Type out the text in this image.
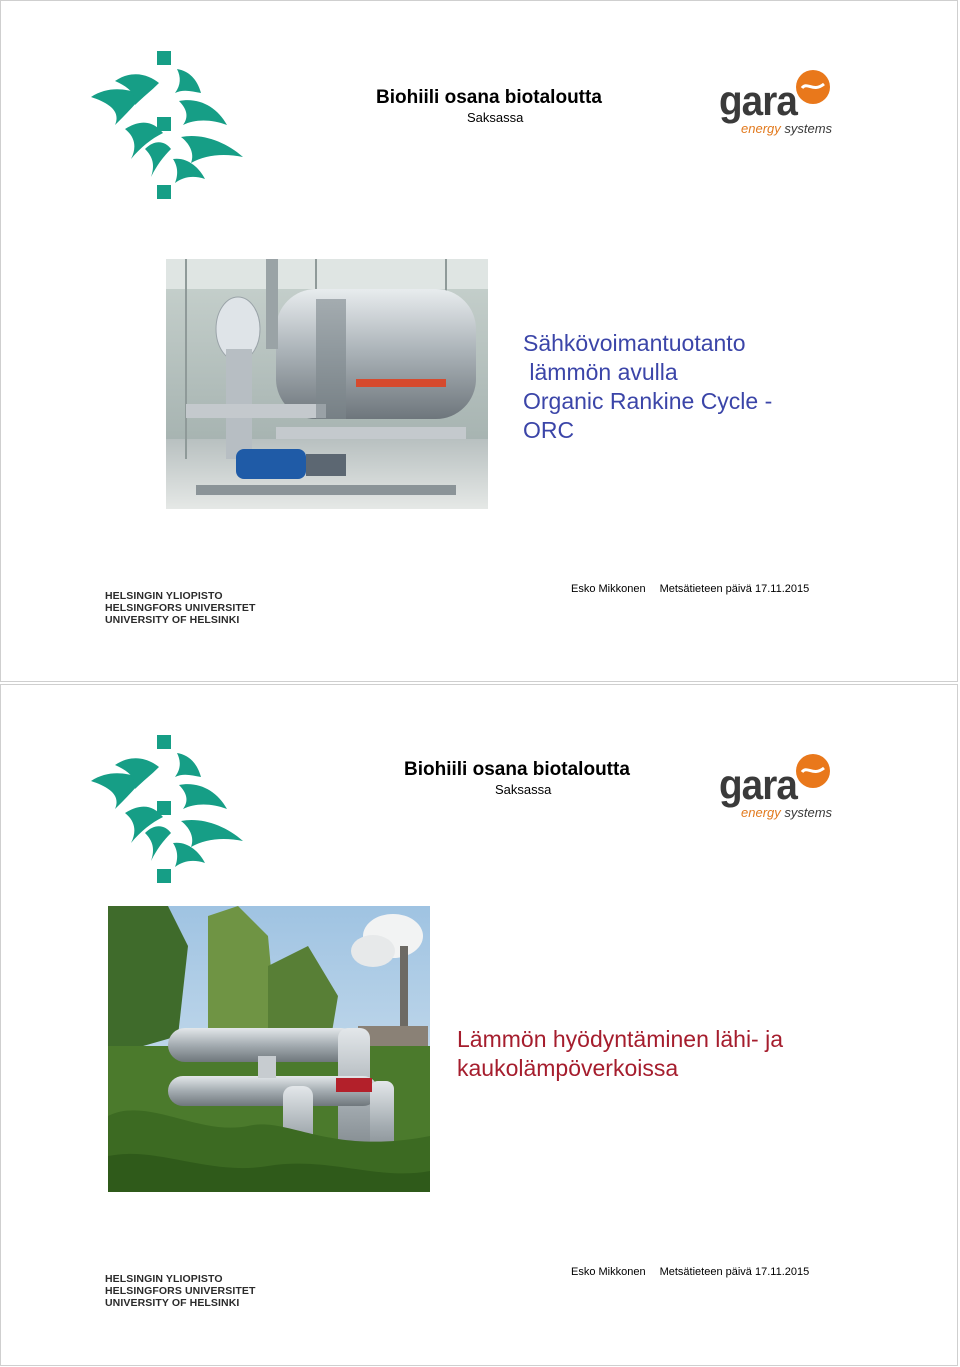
Biohiili osana biotaloutta
Saksassa	gara
energy systems
Sähkövoimantuotanto
lämmön avulla
Organic Rankine Cycle -
ORC
HELSINGIN YLIOPISTO
HELSINGFORS UNIVERSITET
UNIVERSITY OF HELSINKI
Esko Mikkonen Metsätieteen päivä 17.11.2015
Biohiili osana biotaloutta
Saksassa	gara
energy systems
Lämmön hyödyntäminen lähi- ja
kaukolämpöverkoissa
HELSINGIN YLIOPISTO
HELSINGFORS UNIVERSITET
UNIVERSITY OF HELSINKI
Esko Mikkonen Metsätieteen päivä 17.11.2015
